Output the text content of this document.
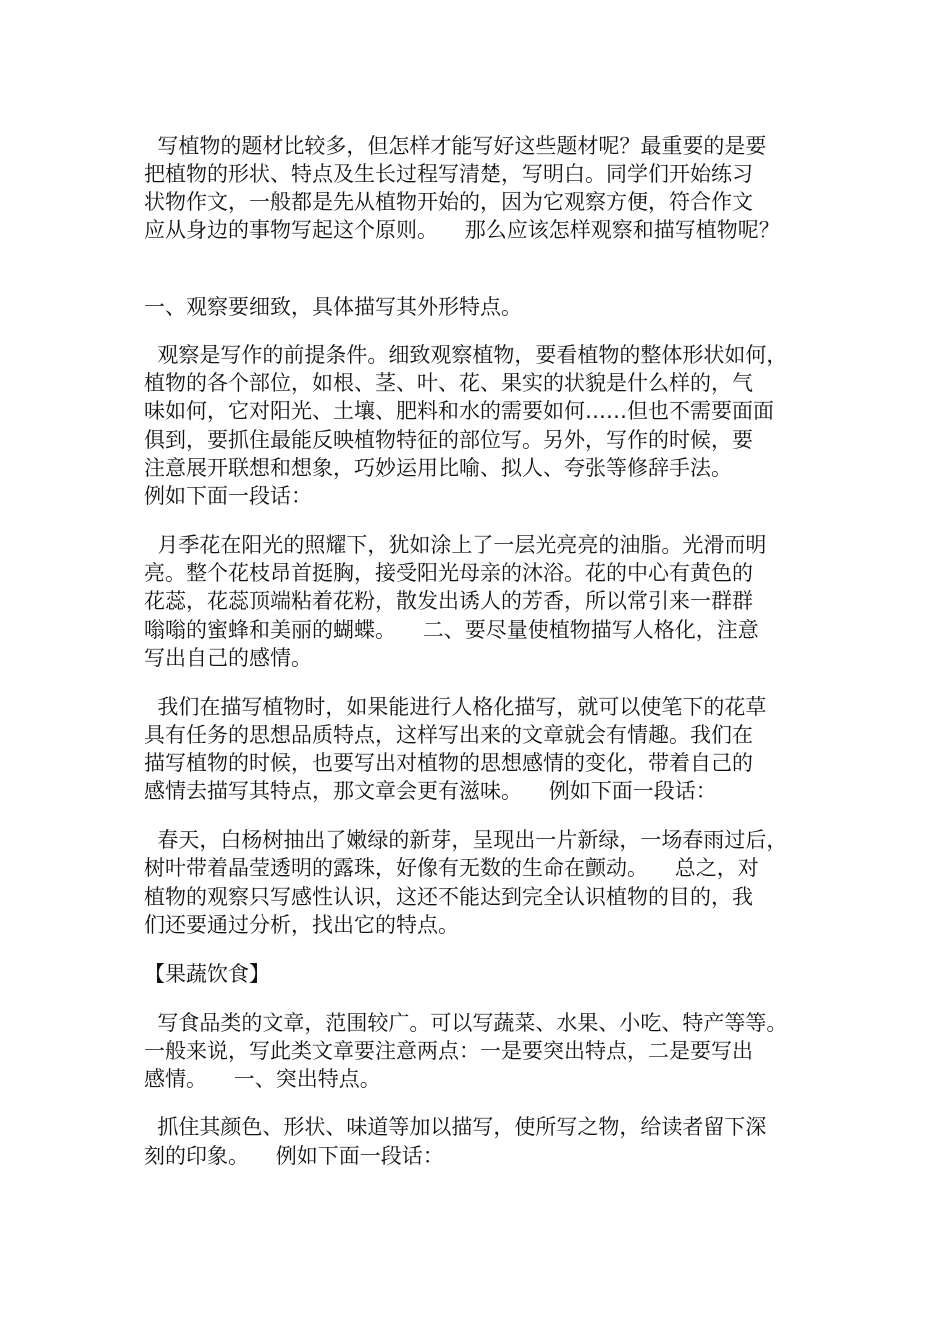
写植物的题材比较多，但怎样才能写好这些题材呢？最重要的是要
把植物的形状、特点及生长过程写清楚，写明白。同学们开始练习
状物作文，一般都是先从植物开始的，因为它观察方便，符合作文
应从身边的事物写起这个原则。    那么应该怎样观察和描写植物呢？
一、观察要细致，具体描写其外形特点。
观察是写作的前提条件。细致观察植物，要看植物的整体形状如何，
植物的各个部位，如根、茎、叶、花、果实的状貌是什么样的，气
味如何，它对阳光、土壤、肥料和水的需要如何……但也不需要面面
俱到，要抓住最能反映植物特征的部位写。另外，写作的时候，要
注意展开联想和想象，巧妙运用比喻、拟人、夸张等修辞手法。
例如下面一段话：
月季花在阳光的照耀下，犹如涂上了一层光亮亮的油脂。光滑而明
亮。整个花枝昂首挺胸，接受阳光母亲的沐浴。花的中心有黄色的
花蕊，花蕊顶端粘着花粉，散发出诱人的芳香，所以常引来一群群
嗡嗡的蜜蜂和美丽的蝴蝶。    二、要尽量使植物描写人格化，注意
写出自己的感情。
我们在描写植物时，如果能进行人格化描写，就可以使笔下的花草
具有任务的思想品质特点，这样写出来的文章就会有情趣。我们在
描写植物的时候，也要写出对植物的思想感情的变化，带着自己的
感情去描写其特点，那文章会更有滋味。    例如下面一段话：
春天，白杨树抽出了嫩绿的新芽，呈现出一片新绿，一场春雨过后，
树叶带着晶莹透明的露珠，好像有无数的生命在颤动。    总之，对
植物的观察只写感性认识，这还不能达到完全认识植物的目的，我
们还要通过分析，找出它的特点。
【果蔬饮食】
写食品类的文章，范围较广。可以写蔬菜、水果、小吃、特产等等。
一般来说，写此类文章要注意两点：一是要突出特点，二是要写出
感情。    一、突出特点。
抓住其颜色、形状、味道等加以描写，使所写之物，给读者留下深
刻的印象。    例如下面一段话：
